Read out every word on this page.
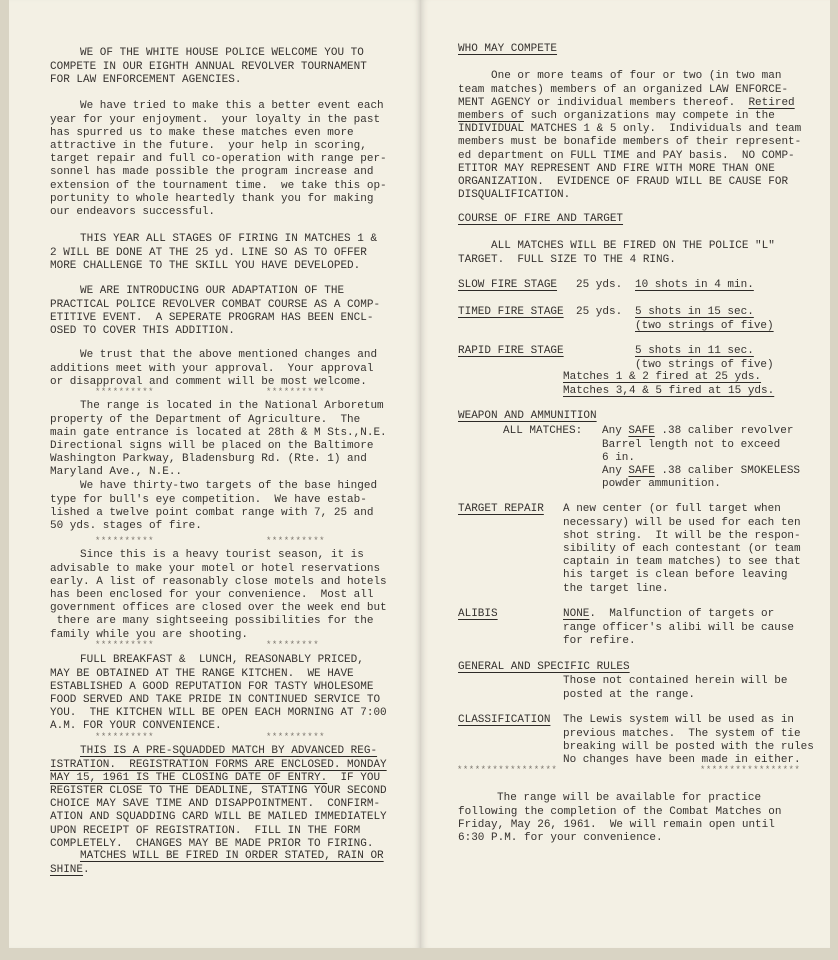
WE OF THE WHITE HOUSE POLICE WELCOME YOU TO
COMPETE IN OUR EIGHTH ANNUAL REVOLVER TOURNAMENT
FOR LAW ENFORCEMENT AGENCIES.
We have tried to make this a better event each
year for your enjoyment.  your loyalty in the past
has spurred us to make these matches even more
attractive in the future.  your help in scoring,
target repair and full co-operation with range per-
sonnel has made possible the program increase and
extension of the tournament time.  we take this op-
portunity to whole heartedly thank you for making
our endeavors successful.
THIS YEAR ALL STAGES OF FIRING IN MATCHES 1 &
2 WILL BE DONE AT THE 25 yd. LINE SO AS TO OFFER
MORE CHALLENGE TO THE SKILL YOU HAVE DEVELOPED.
WE ARE INTRODUCING OUR ADAPTATION OF THE
PRACTICAL POLICE REVOLVER COMBAT COURSE AS A COMP-
ETITIVE EVENT.  A SEPERATE PROGRAM HAS BEEN ENCL-
OSED TO COVER THIS ADDITION.
We trust that the above mentioned changes and
additions meet with your approval.  Your approval
or disapproval and comment will be most welcome.
**********	**********
The range is located in the National Arboretum
property of the Department of Agriculture.  The
main gate entrance is located at 28th & M Sts.,N.E.
Directional signs will be placed on the Baltimore
Washington Parkway, Bladensburg Rd. (Rte. 1) and
Maryland Ave., N.E..
We have thirty-two targets of the base hinged
type for bull's eye competition.  We have estab-
lished a twelve point combat range with 7, 25 and
50 yds. stages of fire.
**********	**********
Since this is a heavy tourist season, it is
advisable to make your motel or hotel reservations
early. A list of reasonably close motels and hotels
has been enclosed for your convenience.  Most all
government offices are closed over the week end but
there are many sightseeing possibilities for the
family while you are shooting.
**********	*********
FULL BREAKFAST &  LUNCH, REASONABLY PRICED,
MAY BE OBTAINED AT THE RANGE KITCHEN.  WE HAVE
ESTABLISHED A GOOD REPUTATION FOR TASTY WHOLESOME
FOOD SERVED AND TAKE PRIDE IN CONTINUED SERVICE TO
YOU.  THE KITCHEN WILL BE OPEN EACH MORNING AT 7:00
A.M. FOR YOUR CONVENIENCE.
**********	**********
THIS IS A PRE-SQUADDED MATCH BY ADVANCED REG-
ISTRATION.  REGISTRATION FORMS ARE ENCLOSED. MONDAY
MAY 15, 1961 IS THE CLOSING DATE OF ENTRY.  IF YOU
REGISTER CLOSE TO THE DEADLINE, STATING YOUR SECOND
CHOICE MAY SAVE TIME AND DISAPPOINTMENT.  CONFIRM-
ATION AND SQUADDING CARD WILL BE MAILED IMMEDIATELY
UPON RECEIPT OF REGISTRATION.  FILL IN THE FORM
COMPLETELY.  CHANGES MAY BE MADE PRIOR TO FIRING.
MATCHES WILL BE FIRED IN ORDER STATED, RAIN OR
SHINE.
WHO MAY COMPETE
One or more teams of four or two (in two man
team matches) members of an organized LAW ENFORCE-
MENT AGENCY or individual members thereof.  Retired
members of such organizations may compete in the
INDIVIDUAL MATCHES 1 & 5 only.  Individuals and team
members must be bonafide members of their represent-
ed department on FULL TIME and PAY basis.  NO COMP-
ETITOR MAY REPRESENT AND FIRE WITH MORE THAN ONE
ORGANIZATION.  EVIDENCE OF FRAUD WILL BE CAUSE FOR
DISQUALIFICATION.
COURSE OF FIRE AND TARGET
ALL MATCHES WILL BE FIRED ON THE POLICE "L"
TARGET.  FULL SIZE TO THE 4 RING.
SLOW FIRE STAGE 25 yds. 10 shots in 4 min.
TIMED FIRE STAGE 25 yds. 5 shots in 15 sec.
(two strings of five)
RAPID FIRE STAGE	5 shots in 11 sec.
(two strings of five)
Matches 1 & 2 fired at 25 yds.
Matches 3,4 & 5 fired at 15 yds.
WEAPON AND AMMUNITION
ALL MATCHES: Any SAFE .38 caliber revolver
Barrel length not to exceed
6 in.
Any SAFE .38 caliber SMOKELESS
powder ammunition.
TARGET REPAIR A new center (or full target when
necessary) will be used for each ten
shot string.  It will be the respon-
sibility of each contestant (or team
captain in team matches) to see that
his target is clean before leaving
the target line.
ALIBIS	NONE.  Malfunction of targets or
range officer's alibi will be cause
for refire.
GENERAL AND SPECIFIC RULES
Those not contained herein will be
posted at the range.
CLASSIFICATION The Lewis system will be used as in
previous matches.  The system of tie
breaking will be posted with the rules
No changes have been made in either.
*****************	*****************
The range will be available for practice
following the completion of the Combat Matches on
Friday, May 26, 1961.  We will remain open until
6:30 P.M. for your convenience.
